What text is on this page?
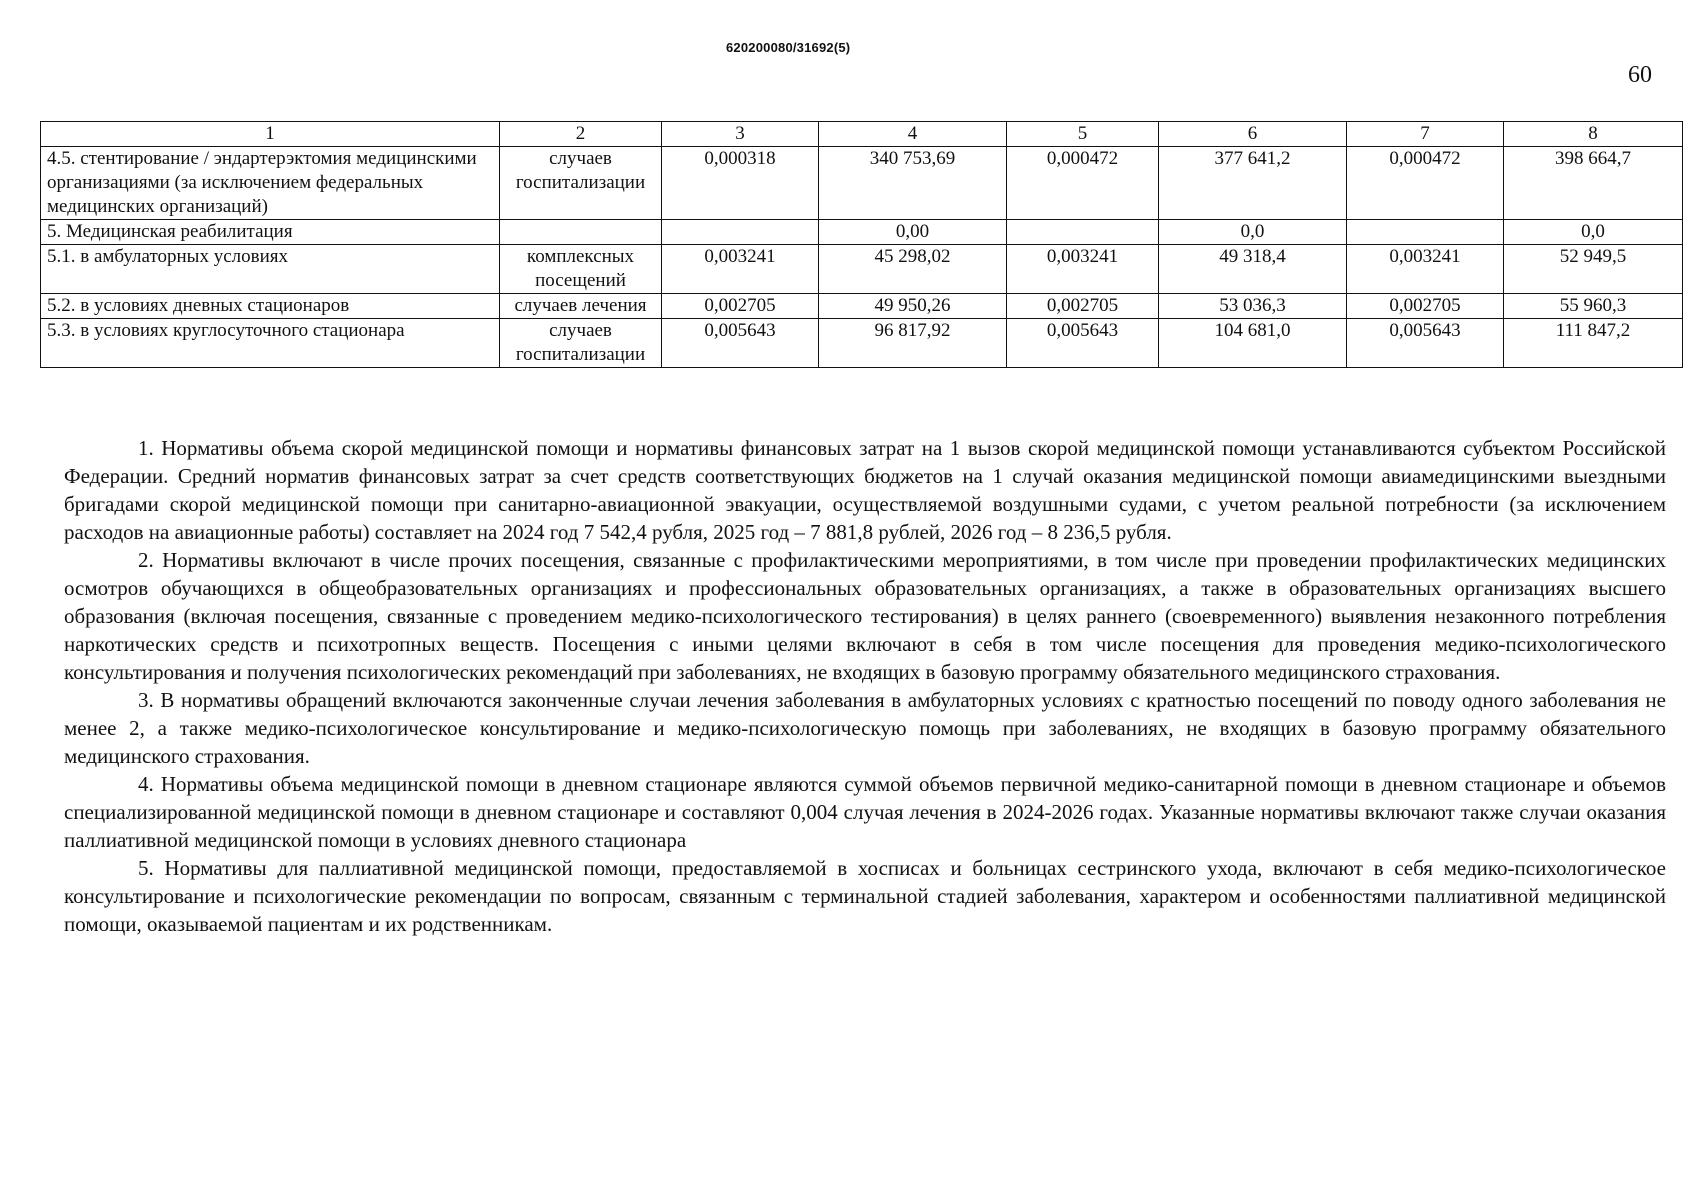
620200080/31692(5)
60
1	2	3	4	5	6	7	8
4.5. стентирование / эндартерэктомия медицинскими организациями (за исключением федеральных медицинских организаций)	случаев госпитализации	0,000318	340 753,69	0,000472	377 641,2	0,000472	398 664,7
5. Медицинская реабилитация			0,00		0,0		0,0
5.1. в амбулаторных условиях	комплексных посещений	0,003241	45 298,02	0,003241	49 318,4	0,003241	52 949,5
5.2. в условиях дневных стационаров	случаев лечения	0,002705	49 950,26	0,002705	53 036,3	0,002705	55 960,3
5.3. в условиях круглосуточного стационара	случаев госпитализации	0,005643	96 817,92	0,005643	104 681,0	0,005643	111 847,2

1. Нормативы объема скорой медицинской помощи и нормативы финансовых затрат на 1 вызов скорой медицинской помощи устанавливаются субъектом Российской Федерации. Средний норматив финансовых затрат за счет средств соответствующих бюджетов на 1 случай оказания медицинской помощи авиамедицинскими выездными бригадами скорой медицинской помощи при санитарно-авиационной эвакуации, осуществляемой воздушными судами, с учетом реальной потребности (за исключением расходов на авиационные работы) составляет на 2024 год 7 542,4 рубля, 2025 год – 7 881,8 рублей, 2026 год – 8 236,5 рубля.

2. Нормативы включают в числе прочих посещения, связанные с профилактическими мероприятиями, в том числе при проведении профилактических медицинских осмотров обучающихся в общеобразовательных организациях и профессиональных образовательных организациях, а также в образовательных организациях высшего образования (включая посещения, связанные с проведением медико-психологического тестирования) в целях раннего (своевременного) выявления незаконного потребления наркотических средств и психотропных веществ. Посещения с иными целями включают в себя в том числе посещения для проведения медико-психологического консультирования и получения психологических рекомендаций при заболеваниях, не входящих в базовую программу обязательного медицинского страхования.

3. В нормативы обращений включаются законченные случаи лечения заболевания в амбулаторных условиях с кратностью посещений по поводу одного заболевания не менее 2, а также медико-психологическое консультирование и медико-психологическую помощь при заболеваниях, не входящих в базовую программу обязательного медицинского страхования.

4. Нормативы объема медицинской помощи в дневном стационаре являются суммой объемов первичной медико-санитарной помощи в дневном стационаре и объемов специализированной медицинской помощи в дневном стационаре и составляют 0,004 случая лечения в 2024-2026 годах. Указанные нормативы включают также случаи оказания паллиативной медицинской помощи в условиях дневного стационара

5. Нормативы для паллиативной медицинской помощи, предоставляемой в хосписах и больницах сестринского ухода, включают в себя медико-психологическое консультирование и психологические рекомендации по вопросам, связанным с терминальной стадией заболевания, характером и особенностями паллиативной медицинской помощи, оказываемой пациентам и их родственникам.
